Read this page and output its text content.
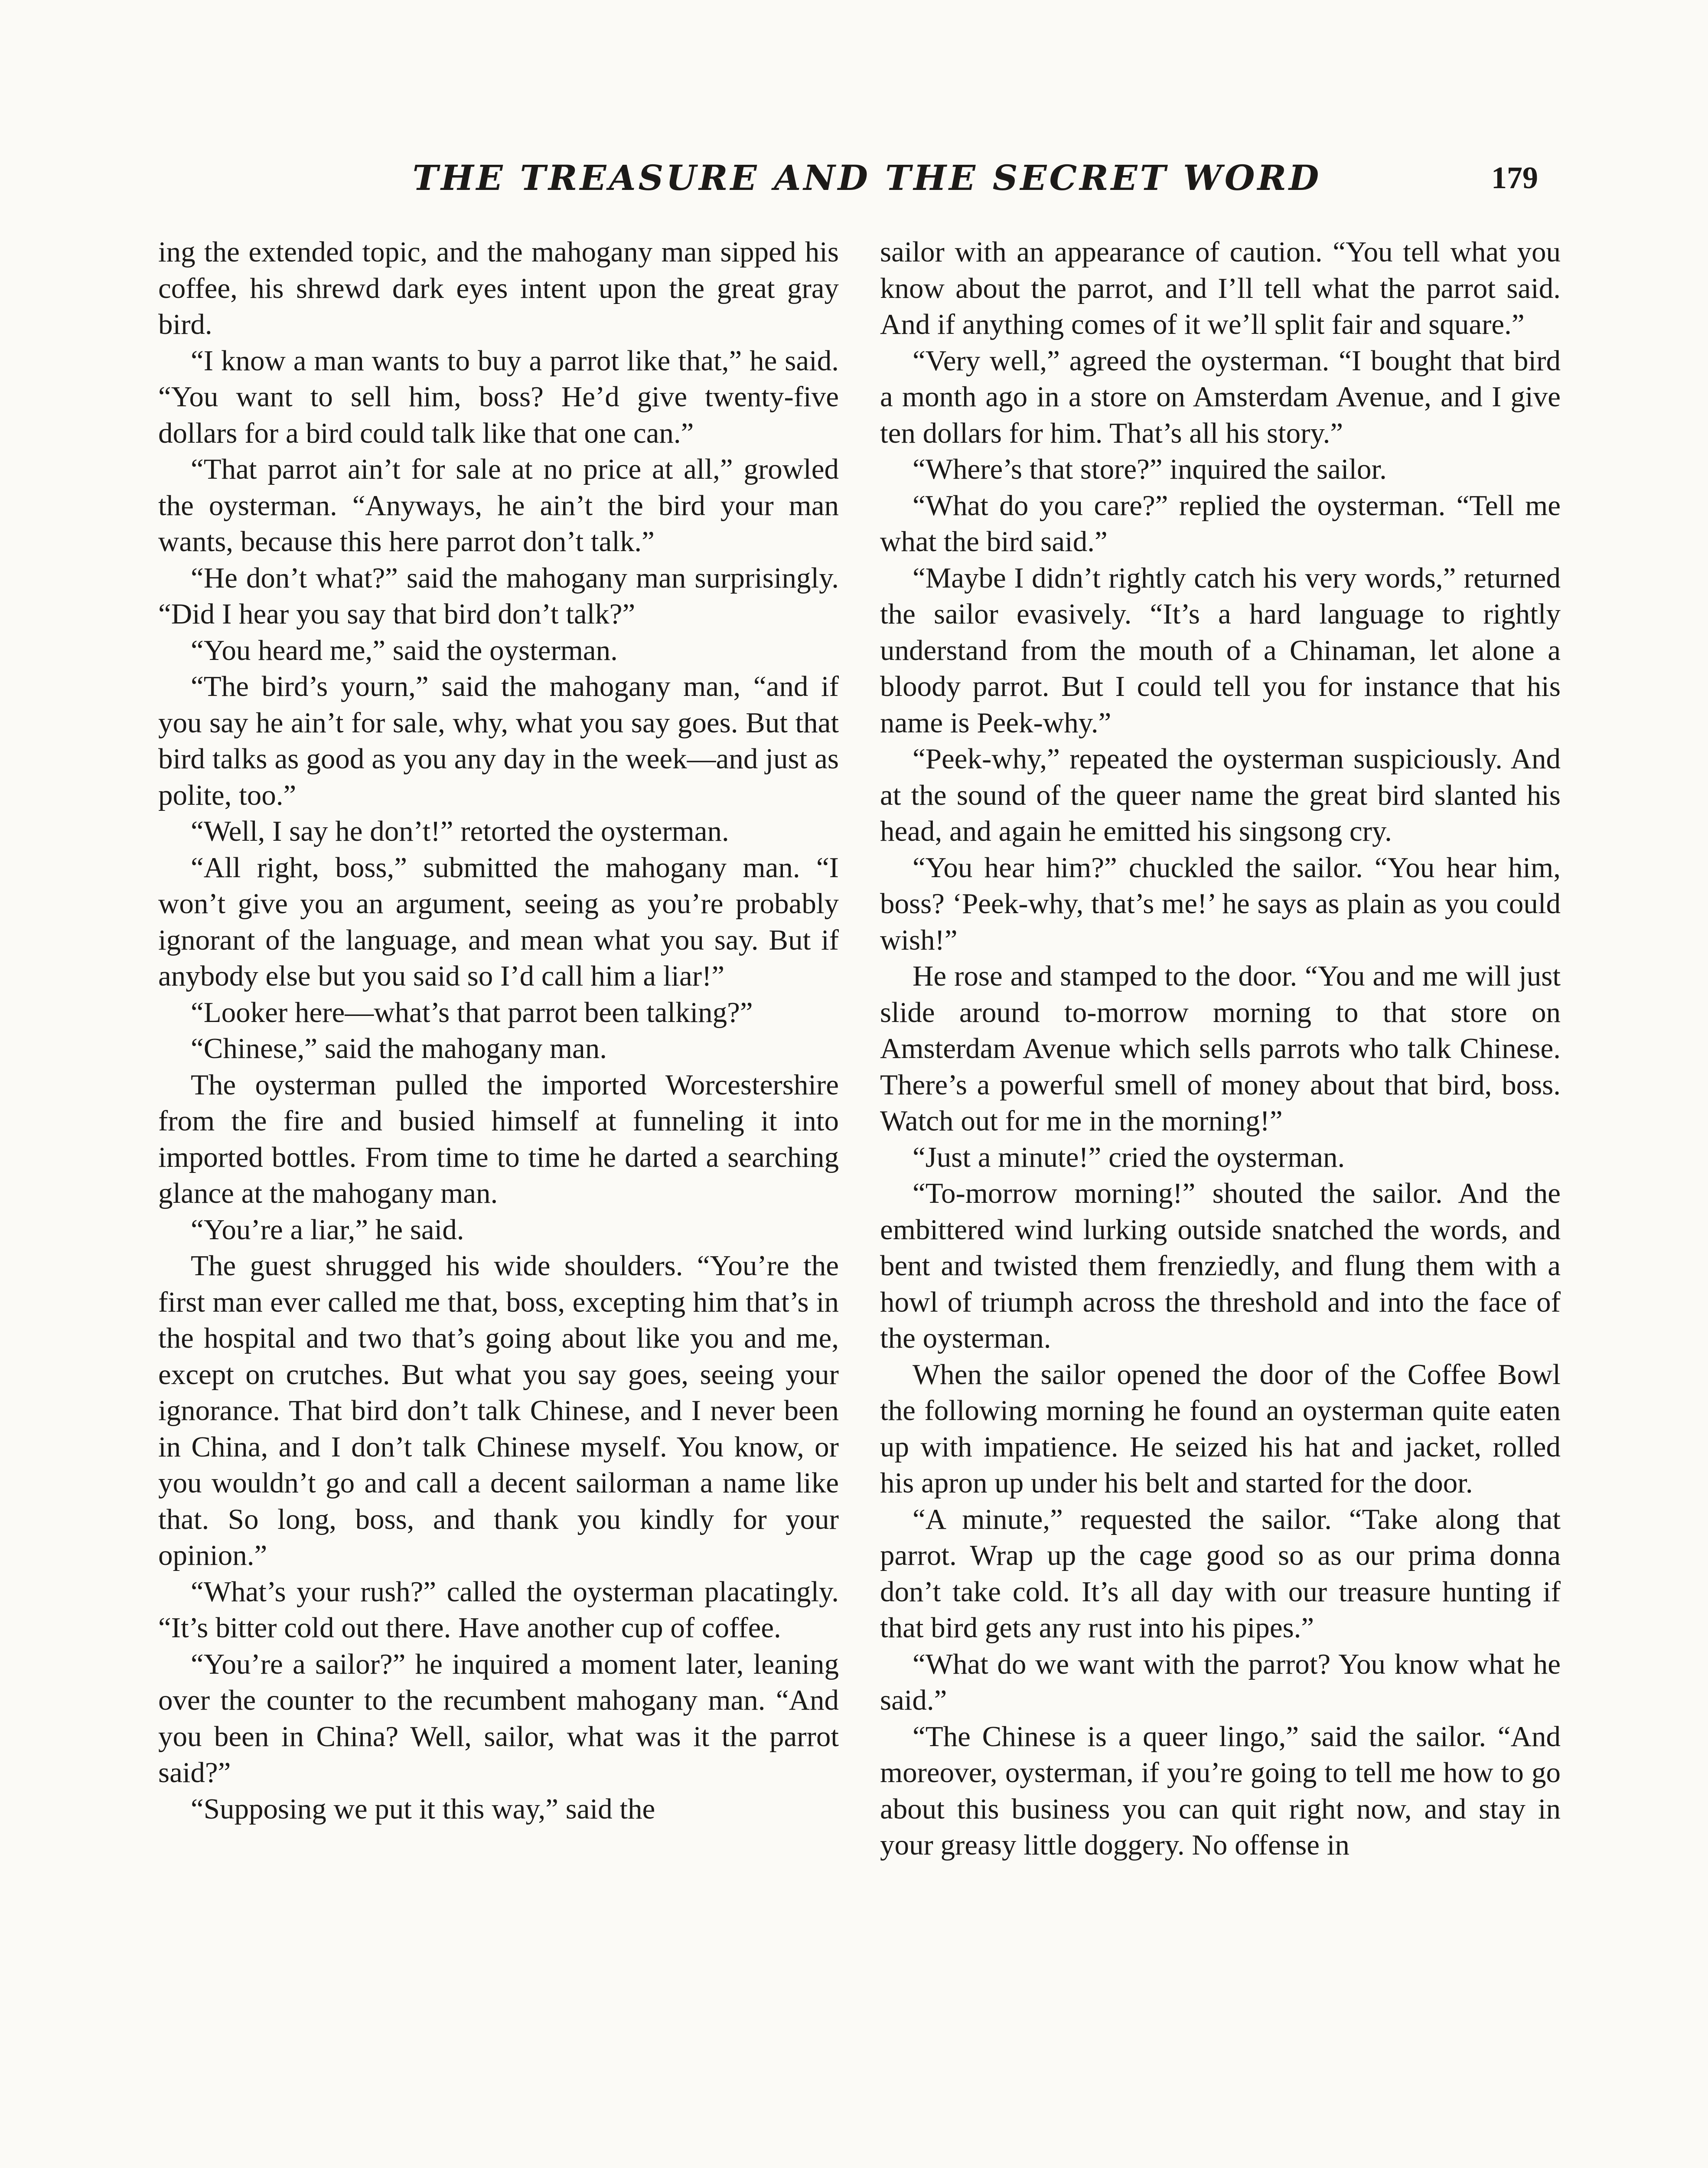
THE TREASURE AND THE SECRET WORD	179

ing the extended topic, and the mahogany man sipped his coffee, his shrewd dark eyes intent upon the great gray bird.

“I know a man wants to buy a parrot like that,” he said. “You want to sell him, boss? He’d give twenty-five dollars for a bird could talk like that one can.”

“That parrot ain’t for sale at no price at all,” growled the oysterman. “Anyways, he ain’t the bird your man wants, because this here parrot don’t talk.”

“He don’t what?” said the mahogany man surprisingly. “Did I hear you say that bird don’t talk?”

“You heard me,” said the oysterman.

“The bird’s yourn,” said the mahogany man, “and if you say he ain’t for sale, why, what you say goes. But that bird talks as good as you any day in the week—and just as polite, too.”

“Well, I say he don’t!” retorted the oysterman.

“All right, boss,” submitted the mahogany man. “I won’t give you an argument, seeing as you’re probably ignorant of the language, and mean what you say. But if anybody else but you said so I’d call him a liar!”

“Looker here—what’s that parrot been talking?”

“Chinese,” said the mahogany man.

The oysterman pulled the imported Worcestershire from the fire and busied himself at funneling it into imported bottles. From time to time he darted a searching glance at the mahogany man.

“You’re a liar,” he said.

The guest shrugged his wide shoulders. “You’re the first man ever called me that, boss, excepting him that’s in the hospital and two that’s going about like you and me, except on crutches. But what you say goes, seeing your ignorance. That bird don’t talk Chinese, and I never been in China, and I don’t talk Chinese myself. You know, or you wouldn’t go and call a decent sailorman a name like that. So long, boss, and thank you kindly for your opinion.”

“What’s your rush?” called the oysterman placatingly. “It’s bitter cold out there. Have another cup of coffee.

“You’re a sailor?” he inquired a moment later, leaning over the counter to the recumbent mahogany man. “And you been in China? Well, sailor, what was it the parrot said?”

“Supposing we put it this way,” said the

sailor with an appearance of caution. “You tell what you know about the parrot, and I’ll tell what the parrot said. And if anything comes of it we’ll split fair and square.”

“Very well,” agreed the oysterman. “I bought that bird a month ago in a store on Amsterdam Avenue, and I give ten dollars for him. That’s all his story.”

“Where’s that store?” inquired the sailor.

“What do you care?” replied the oysterman. “Tell me what the bird said.”

“Maybe I didn’t rightly catch his very words,” returned the sailor evasively. “It’s a hard language to rightly understand from the mouth of a Chinaman, let alone a bloody parrot. But I could tell you for instance that his name is Peek-why.”

“Peek-why,” repeated the oysterman suspiciously. And at the sound of the queer name the great bird slanted his head, and again he emitted his singsong cry.

“You hear him?” chuckled the sailor. “You hear him, boss? ‘Peek-why, that’s me!’ he says as plain as you could wish!”

He rose and stamped to the door. “You and me will just slide around to-morrow morning to that store on Amsterdam Avenue which sells parrots who talk Chinese. There’s a powerful smell of money about that bird, boss. Watch out for me in the morning!”

“Just a minute!” cried the oysterman.

“To-morrow morning!” shouted the sailor. And the embittered wind lurking outside snatched the words, and bent and twisted them frenziedly, and flung them with a howl of triumph across the threshold and into the face of the oysterman.

When the sailor opened the door of the Coffee Bowl the following morning he found an oysterman quite eaten up with impatience. He seized his hat and jacket, rolled his apron up under his belt and started for the door.

“A minute,” requested the sailor. “Take along that parrot. Wrap up the cage good so as our prima donna don’t take cold. It’s all day with our treasure hunting if that bird gets any rust into his pipes.”

“What do we want with the parrot? You know what he said.”

“The Chinese is a queer lingo,” said the sailor. “And moreover, oysterman, if you’re going to tell me how to go about this business you can quit right now, and stay in your greasy little doggery. No offense in
